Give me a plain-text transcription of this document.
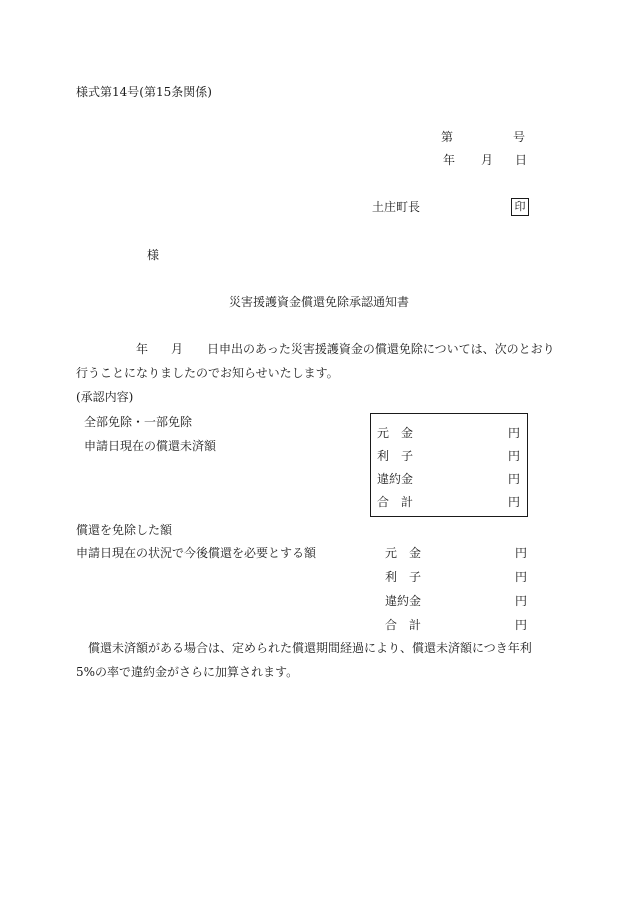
様式第14号(第15条関係)
第	号
年 月 日
土庄町長	印
様
災害援護資金償還免除承認通知書
年 月 日申出のあった災害援護資金の償還免除については、次のとおり
行うことになりましたのでお知らせいたします。
(承認内容)
全部免除・一部免除
申請日現在の償還未済額
元　金	円
利　子	円
違約金	円
合　計	円
償還を免除した額
申請日現在の状況で今後償還を必要とする額	元　金	円
利　子	円
違約金	円
合　計	円
　償還未済額がある場合は、定められた償還期間経過により、償還未済額につき年利
5%の率で違約金がさらに加算されます。
